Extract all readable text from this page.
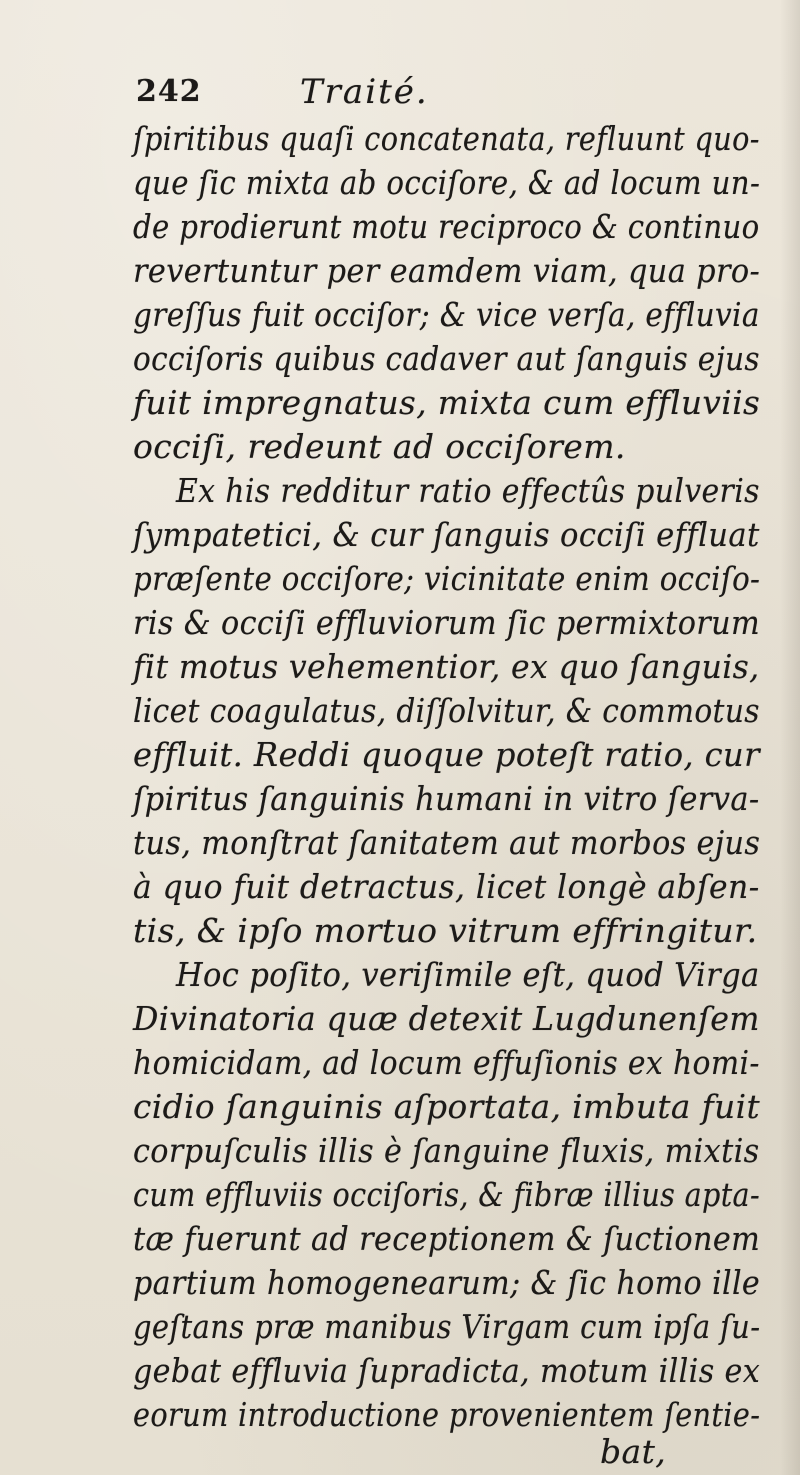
242	Traité.
ſpiritibus quaſi concatenata, refluunt quo-
que ſic mixta ab occiſore, & ad locum un-
de prodierunt motu reciproco & continuo
revertuntur per eamdem viam, qua pro-
greſſus fuit occiſor; & vice verſa, effluvia
occiſoris quibus cadaver aut ſanguis ejus
fuit impregnatus, mixta cum effluviis
occiſi, redeunt ad occiſorem.
Ex his redditur ratio effectûs pulveris
ſympatetici, & cur ſanguis occiſi effluat
præſente occiſore; vicinitate enim occiſo-
ris & occiſi effluviorum ſic permixtorum
fit motus vehementior, ex quo ſanguis,
licet coagulatus, diſſolvitur, & commotus
effluit. Reddi quoque poteſt ratio, cur
ſpiritus ſanguinis humani in vitro ſerva-
tus, monſtrat ſanitatem aut morbos ejus
à quo fuit detractus, licet longè abſen-
tis, & ipſo mortuo vitrum effringitur.
Hoc poſito, veriſimile eſt, quod Virga
Divinatoria quæ detexit Lugdunenſem
homicidam, ad locum effuſionis ex homi-
cidio ſanguinis aſportata, imbuta fuit
corpuſculis illis è ſanguine fluxis, mixtis
cum effluviis occiſoris, & fibræ illius apta-
tæ fuerunt ad receptionem & ſuctionem
partium homogenearum; & ſic homo ille
geſtans præ manibus Virgam cum ipſa ſu-
gebat effluvia ſupradicta, motum illis ex
eorum introductione provenientem ſentie-
bat,
